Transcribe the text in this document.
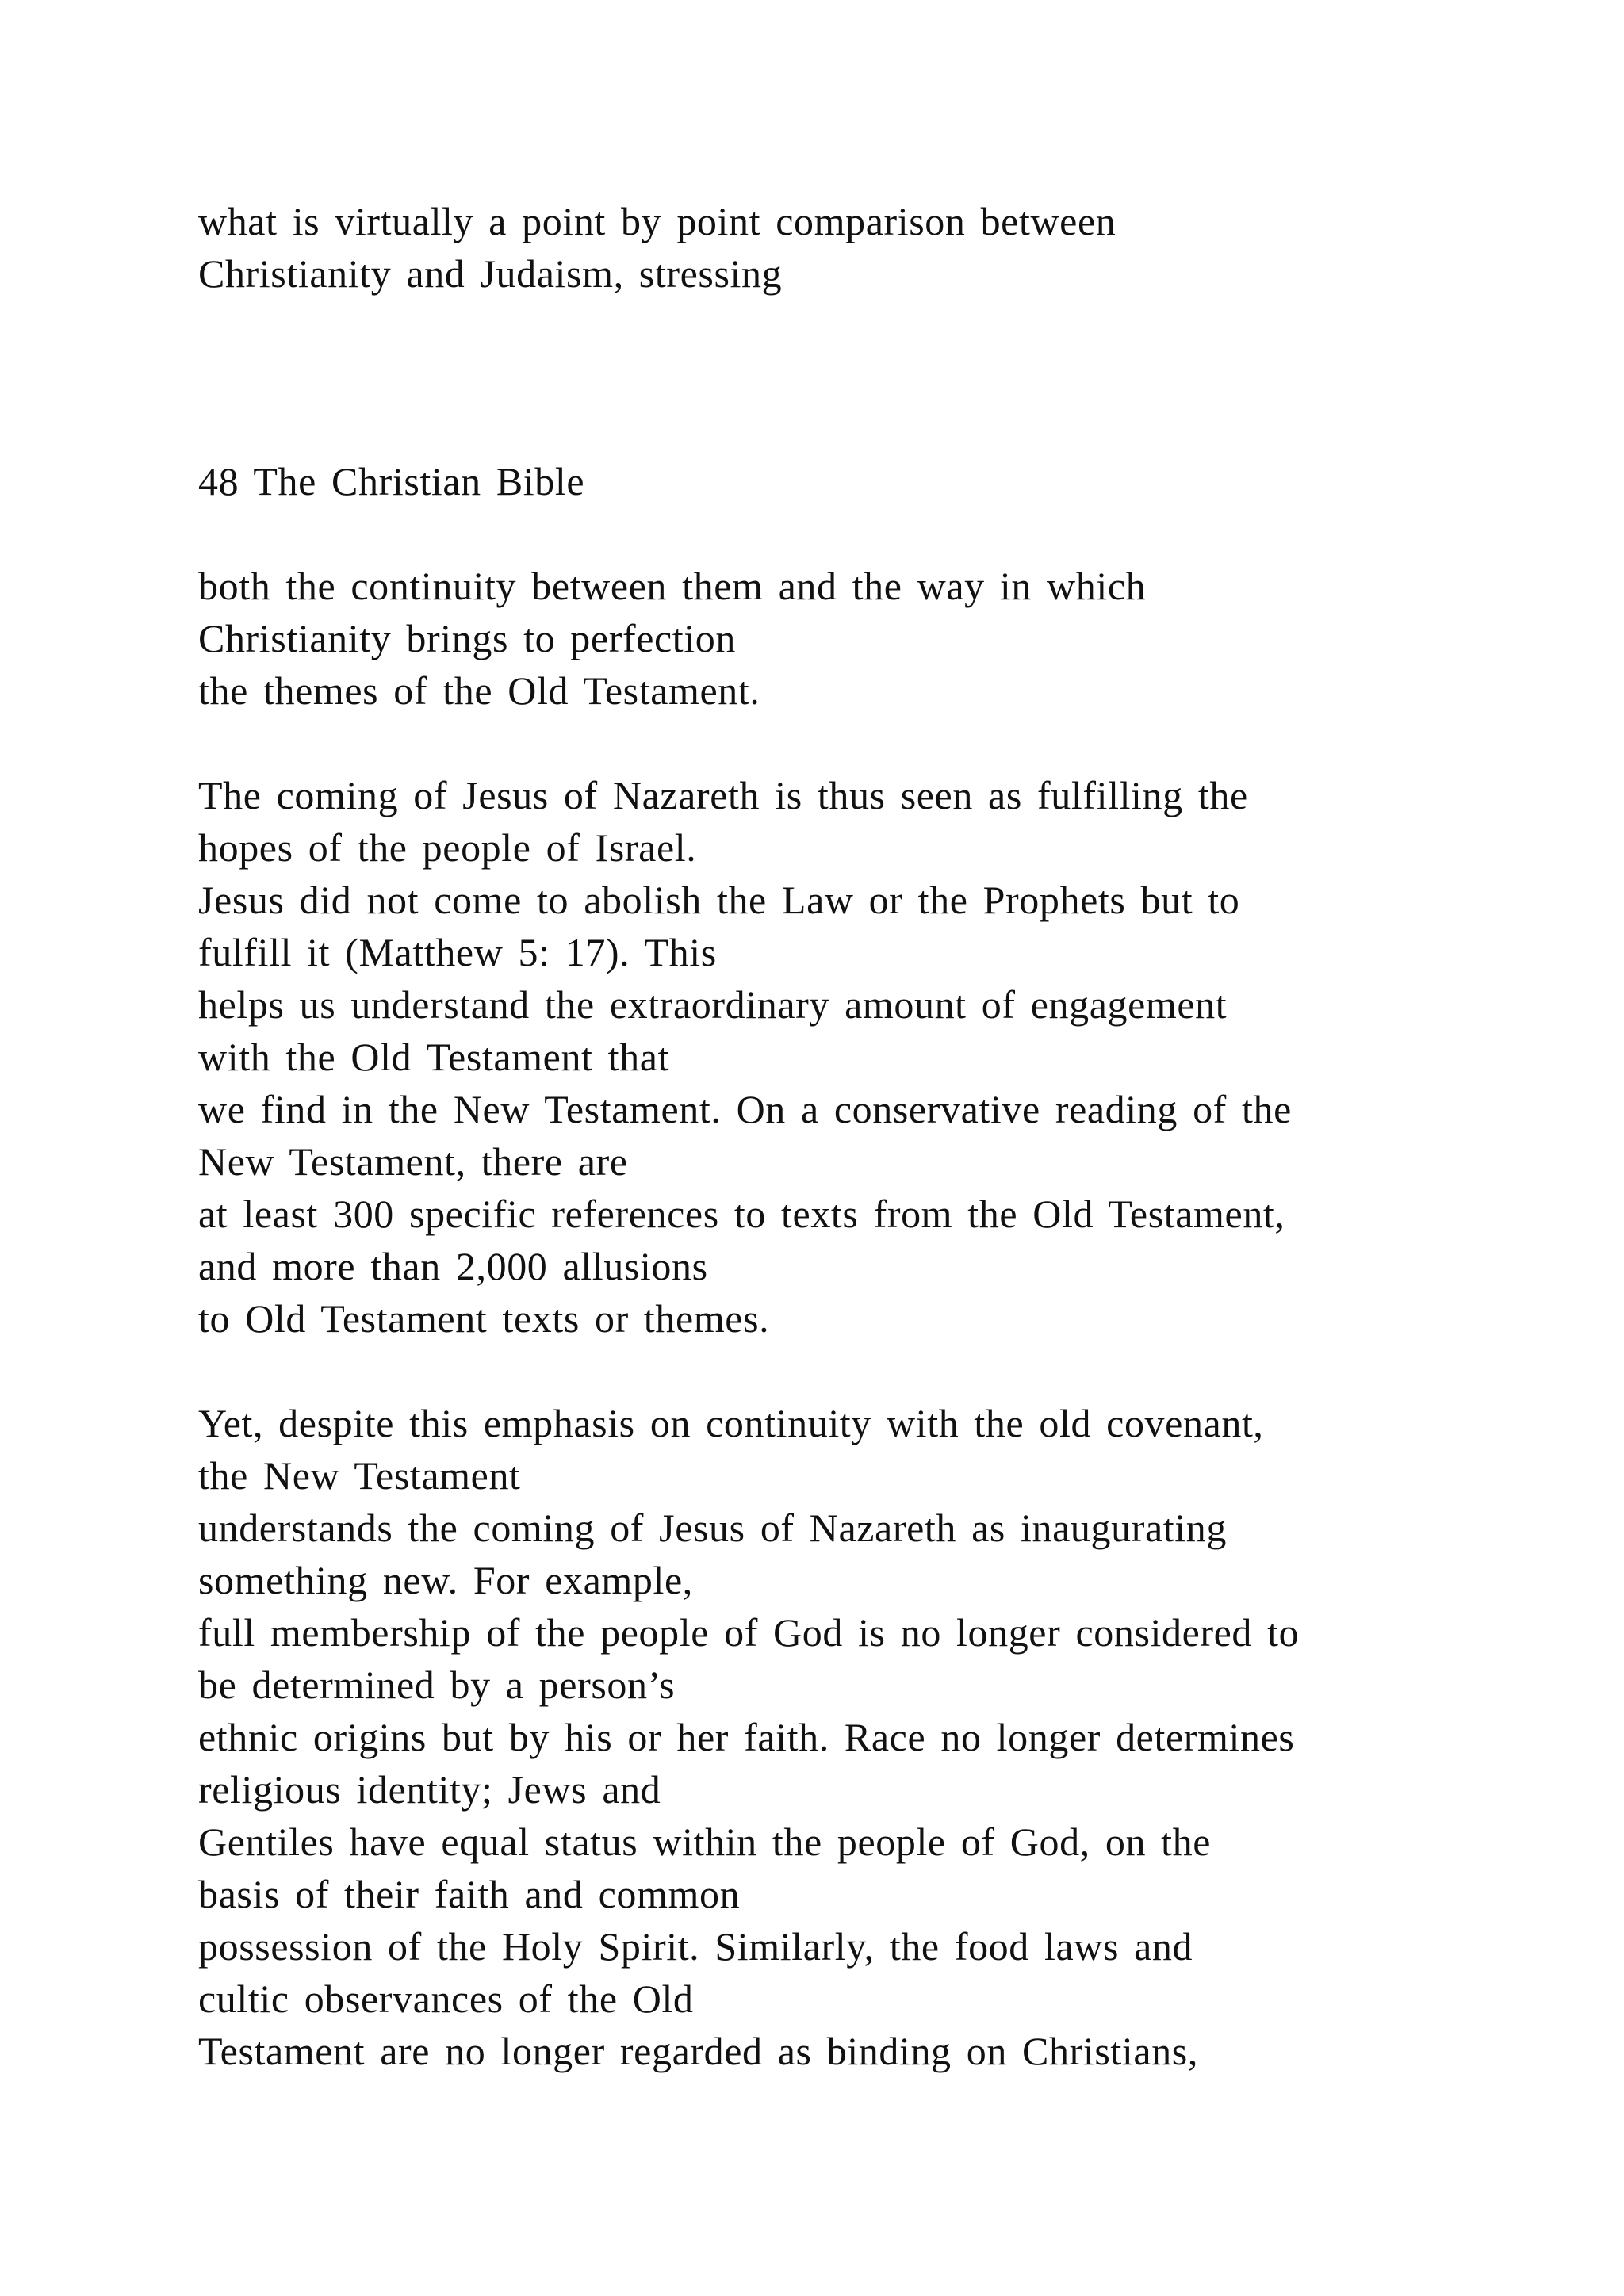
what is virtually a point by point comparison between
Christianity and Judaism, stressing
48 The Christian Bible
both the continuity between them and the way in which
Christianity brings to perfection
the themes of the Old Testament.
The coming of Jesus of Nazareth is thus seen as fulfilling the
hopes of the people of Israel.
Jesus did not come to abolish the Law or the Prophets but to
fulfill it (Matthew 5: 17). This
helps us understand the extraordinary amount of engagement
with the Old Testament that
we find in the New Testament. On a conservative reading of the
New Testament, there are
at least 300 specific references to texts from the Old Testament,
and more than 2,000 allusions
to Old Testament texts or themes.
Yet, despite this emphasis on continuity with the old covenant,
the New Testament
understands the coming of Jesus of Nazareth as inaugurating
something new. For example,
full membership of the people of God is no longer considered to
be determined by a person’s
ethnic origins but by his or her faith. Race no longer determines
religious identity; Jews and
Gentiles have equal status within the people of God, on the
basis of their faith and common
possession of the Holy Spirit. Similarly, the food laws and
cultic observances of the Old
Testament are no longer regarded as binding on Christians,
